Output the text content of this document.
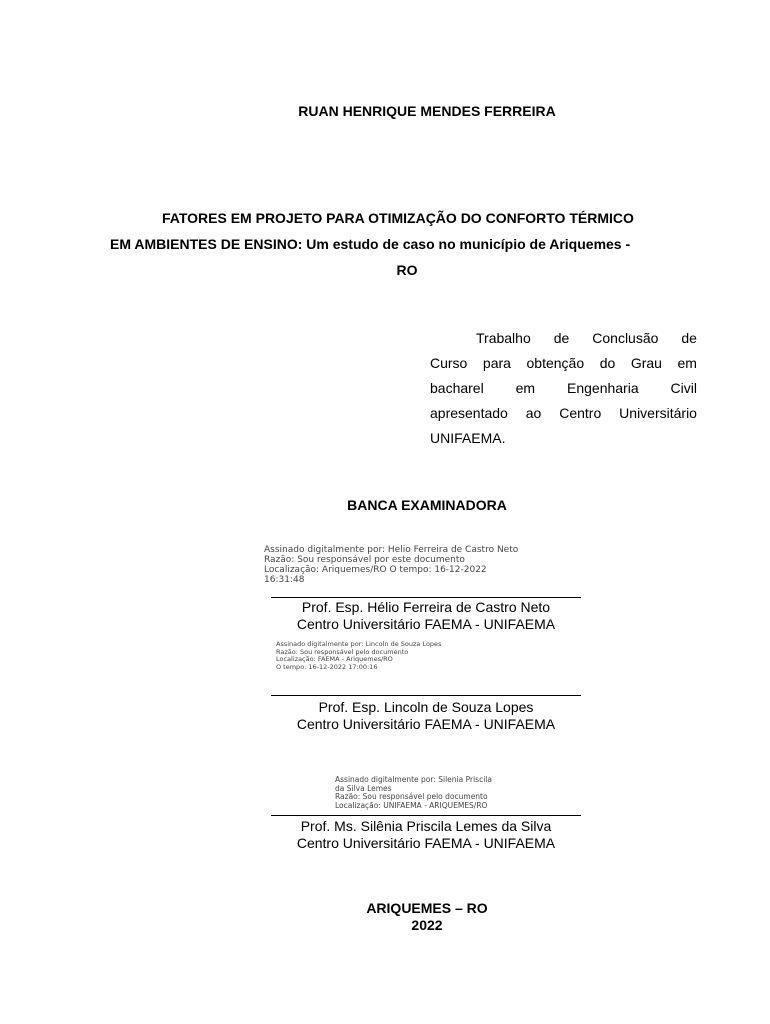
RUAN HENRIQUE MENDES FERREIRA
FATORES EM PROJETO PARA OTIMIZAÇÃO DO CONFORTO TÉRMICO
EM AMBIENTES DE ENSINO: Um estudo de caso no município de Ariquemes -
RO
Trabalho de Conclusão de
Curso para obtenção do Grau em
bacharel em Engenharia Civil
apresentado ao Centro Universitário
UNIFAEMA.
BANCA EXAMINADORA
Assinado digitalmente por: Helio Ferreira de Castro Neto
Razão: Sou responsável por este documento
Localização: Ariquemes/RO O tempo: 16-12-2022
16:31:48
Prof. Esp. Hélio Ferreira de Castro Neto
Centro Universitário FAEMA - UNIFAEMA
Assinado digitalmente por: Lincoln de Souza Lopes
Razão: Sou responsável pelo documento
Localização: FAEMA - Ariquemes/RO
O tempo: 16-12-2022 17:00:16
Prof. Esp. Lincoln de Souza Lopes
Centro Universitário FAEMA - UNIFAEMA
Assinado digitalmente por: Silenia Priscila
da Silva Lemes
Razão: Sou responsável pelo documento
Localização: UNIFAEMA - ARIQUEMES/RO
Prof. Ms. Silênia Priscila Lemes da Silva
Centro Universitário FAEMA - UNIFAEMA
ARIQUEMES – RO
2022
